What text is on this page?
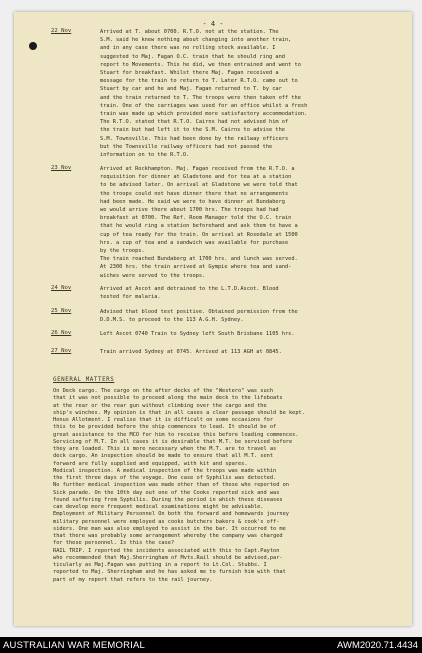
- 4 -
22 Nov	Arrived at T. about 0700. R.T.O. not at the station. The
S.M. said he knew nothing about changing into another train,
and in any case there was no rolling stock available. I
suggested to Maj. Fagan O.C. train that he should ring and
report to Movements. This he did, we then entrained and went to
Stuart for breakfast. Whilst there Maj. Fagan received a
message for the train to return to T. Later R.T.O. came out to
Stuart by car and he and Maj. Fagan returned to T. by car
and the train returned to T. The troops were then taken off the
train. One of the carriages was used for an office whilst a fresh
train was made up which provided more satisfactory accommodation.
The R.T.O. stated that R.T.O. Cairns had not advised him of
the train but had left it to the S.M. Cairns to advise the
S.M. Townsville. This had been done by the railway officers
but the Townsville railway officers had not passed the
information on to the R.T.O.

23 Nov	Arrived at Rockhampton. Maj. Fagan received from the R.T.O. a
requisition for dinner at Gladstone and for tea at a station
to be advised later. On arrival at Gladstone we were told that
the troops could not have dinner there that no arrangements
had been made. He said we were to have dinner at Bundaberg
we would arrive there about 1700 hrs. The troops had had
breakfast at 0700. The Ref. Room Manager told the O.C. train
that he would ring a station beforehand and ask them to have a
cup of tea ready for the train. On arrival at Rosedale at 1500
hrs. a cup of tea and a sandwich was available for purchase
by the troops.
The train reached Bundaberg at 1700 hrs. and lunch was served.
At 2300 hrs. the train arrived at Gympie where tea and sand-
wiches were served to the troops.

24 Nov	Arrived at Ascot and detrained to the L.T.D.Ascot. Blood
tested for malaria.

25 Nov	Advised that blood test positive. Obtained permission from the
D.D.M.S. to proceed to the 113 A.G.H. Sydney.

26 Nov	Left Ascot 0740 Train to Sydney left South Brisbane 1105 hrs.

27 Nov	Train arrived Sydney at 0745. Arrived at 113 AGH at 0845.

GENERAL MATTERS

On Deck cargo. The cargo on the after decks of the "Westero" was such
that it was not possible to proceed along the main deck to the lifeboats
at the rear or the rear gun without climbing over the cargo and the
ship's winches. My opinion is that in all cases a clear passage should be kept.
Honus Allotment. I realise that it is difficult on some occasions for
this to be provided before the ship commences to load. It should be of
great assistance to the MCO for him to receive this before loading commences.
Servicing of M.T. In all cases it is desirable that M.T. be serviced before
they are loaded. This is more necessary when the M.T. are to travel as
deck cargo. An inspection should be made to ensure that all M.T. sent
forward are fully supplied and equipped, with kit and spares.
Medical inspection. A medical inspection of the troops was made within
the first three days of the voyage. One case of Syphilis was detected.
No further medical inspection was made other than of those who reported on
Sick parade. On the 10th day out one of the Cooks reported sick and was
found suffering from Syphilis. During the period in which these diseases
can develop more frequent medical examinations might be advisable.
Employment of Military Personnel On both the forward and homewards journey
military personnel were employed as cooks butchers bakers & cook's off-
siders. One man was also employed to assist in the bar. It occurred to me
that there was probably some arrangement whereby the company was charged
for these personnel. Is this the case?
RAIL TRIP. I reported the incidents associated with this to Capt.Payton
who recommended that Maj.Sherringham of Mvts.Rail should be advised,par-
ticularly as Maj.Fagan was putting in a report to Lt.Col. Stubbs. I
reported to Maj. Sherringham and he has asked me to furnish him with that
part of my report that refers to the rail journey.

AUSTRALIAN WAR MEMORIAL	AWM2020.71.4434
